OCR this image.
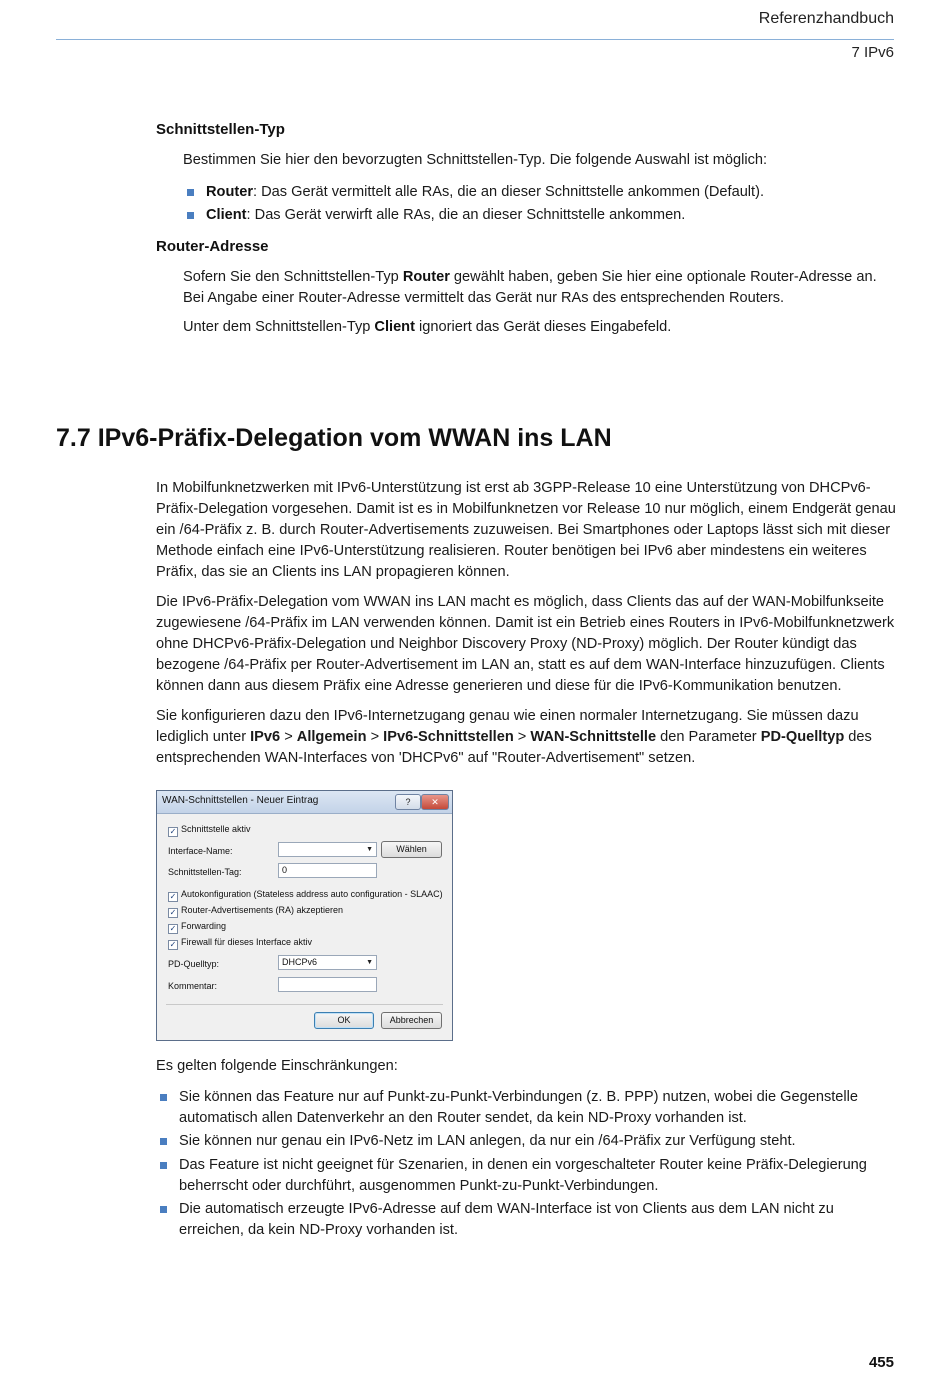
Referenzhandbuch
7 IPv6
Schnittstellen-Typ
Bestimmen Sie hier den bevorzugten Schnittstellen-Typ. Die folgende Auswahl ist möglich:
Router: Das Gerät vermittelt alle RAs, die an dieser Schnittstelle ankommen (Default).
Client: Das Gerät verwirft alle RAs, die an dieser Schnittstelle ankommen.
Router-Adresse
Sofern Sie den Schnittstellen-Typ Router gewählt haben, geben Sie hier eine optionale Router-Adresse an.
Bei Angabe einer Router-Adresse vermittelt das Gerät nur RAs des entsprechenden Routers.
Unter dem Schnittstellen-Typ Client ignoriert das Gerät dieses Eingabefeld.
7.7 IPv6-Präfix-Delegation vom WWAN ins LAN
In Mobilfunknetzwerken mit IPv6-Unterstützung ist erst ab 3GPP-Release 10 eine Unterstützung von DHCPv6-Präfix-Delegation vorgesehen. Damit ist es in Mobilfunknetzen vor Release 10 nur möglich, einem Endgerät genau ein /64-Präfix z. B. durch Router-Advertisements zuzuweisen. Bei Smartphones oder Laptops lässt sich mit dieser Methode einfach eine IPv6-Unterstützung realisieren. Router benötigen bei IPv6 aber mindestens ein weiteres Präfix, das sie an Clients ins LAN propagieren können.
Die IPv6-Präfix-Delegation vom WWAN ins LAN macht es möglich, dass Clients das auf der WAN-Mobilfunkseite zugewiesene /64-Präfix im LAN verwenden können. Damit ist ein Betrieb eines Routers in IPv6-Mobilfunknetzwerk ohne DHCPv6-Präfix-Delegation und Neighbor Discovery Proxy (ND-Proxy) möglich. Der Router kündigt das bezogene /64-Präfix per Router-Advertisement im LAN an, statt es auf dem WAN-Interface hinzuzufügen. Clients können dann aus diesem Präfix eine Adresse generieren und diese für die IPv6-Kommunikation benutzen.
Sie konfigurieren dazu den IPv6-Internetzugang genau wie einen normaler Internetzugang. Sie müssen dazu lediglich unter IPv6 > Allgemein > IPv6-Schnittstellen > WAN-Schnittstelle den Parameter PD-Quelltyp des entsprechenden WAN-Interfaces von 'DHCPv6" auf "Router-Advertisement" setzen.
WAN-Schnittstellen - Neuer Eintrag	?	✕
✓ Schnittstelle aktiv
Interface-Name:	▼	Wählen
Schnittstellen-Tag:	0
✓ Autokonfiguration (Stateless address auto configuration - SLAAC)
✓ Router-Advertisements (RA) akzeptieren
✓ Forwarding
✓ Firewall für dieses Interface aktiv
PD-Quelltyp:	DHCPv6	▼
Kommentar:
OK	Abbrechen
Es gelten folgende Einschränkungen:
Sie können das Feature nur auf Punkt-zu-Punkt-Verbindungen (z. B. PPP) nutzen, wobei die Gegenstelle automatisch allen Datenverkehr an den Router sendet, da kein ND-Proxy vorhanden ist.
Sie können nur genau ein IPv6-Netz im LAN anlegen, da nur ein /64-Präfix zur Verfügung steht.
Das Feature ist nicht geeignet für Szenarien, in denen ein vorgeschalteter Router keine Präfix-Delegierung beherrscht oder durchführt, ausgenommen Punkt-zu-Punkt-Verbindungen.
Die automatisch erzeugte IPv6-Adresse auf dem WAN-Interface ist von Clients aus dem LAN nicht zu erreichen, da kein ND-Proxy vorhanden ist.
455
